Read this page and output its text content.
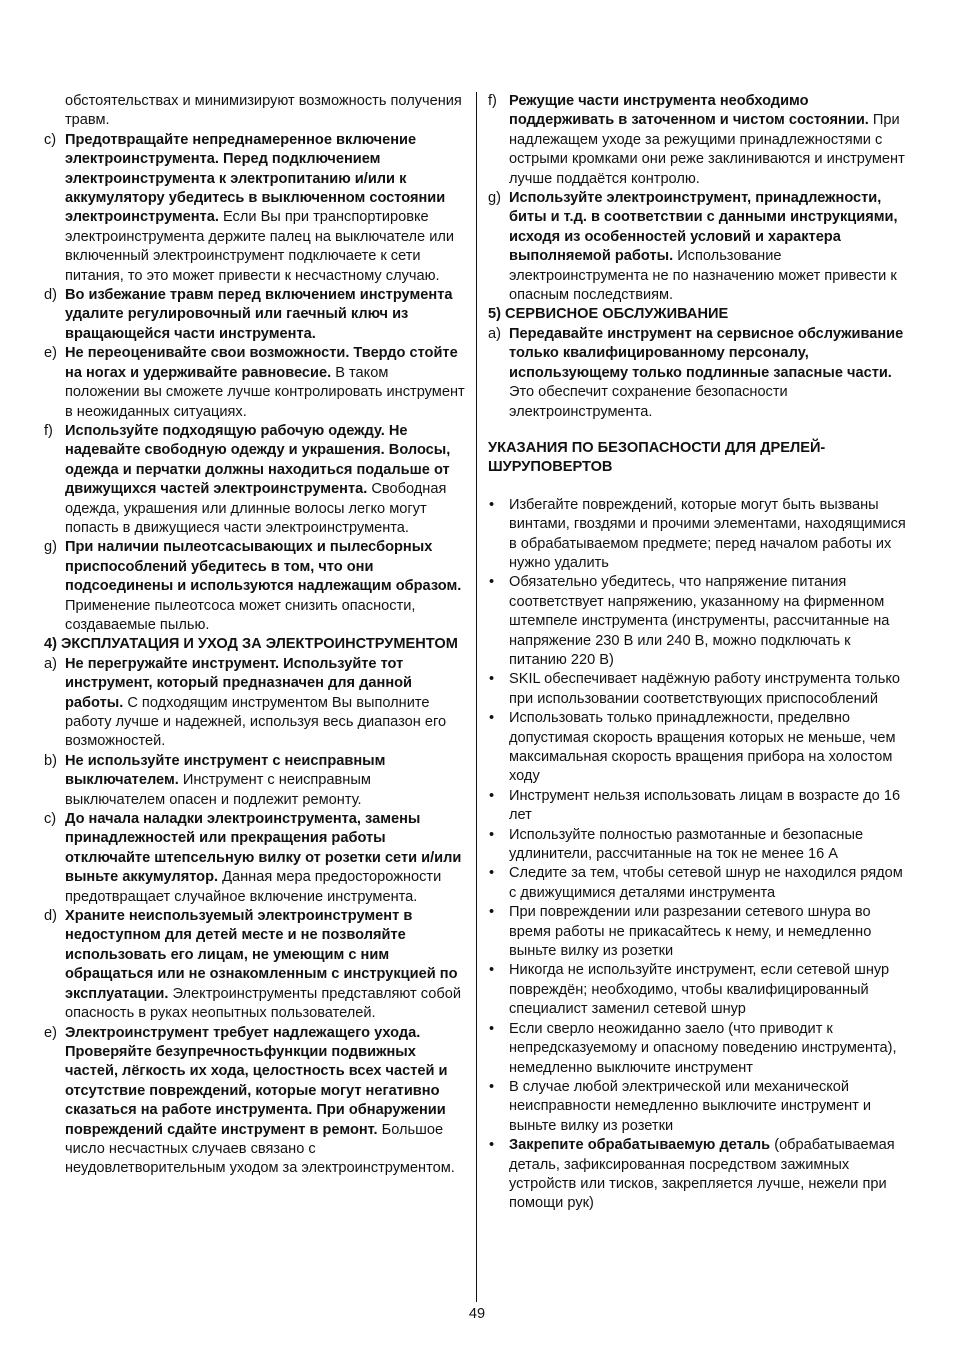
обстоятельствах и минимизируют возможность получения травм.
c) Предотвращайте непреднамеренное включение электроинструмента. Перед подключением электроинструмента к электропитанию и/или к аккумулятору убедитесь в выключенном состоянии электроинструмента. Если Вы при транспортировке электроинструмента держите палец на выключателе или включенный электроинструмент подключаете к сети питания, то это может привести к несчастному случаю.
d) Во избежание травм перед включением инструмента удалите регулировочный или гаечный ключ из вращающейся части инструмента.
e) Не переоценивайте свои возможности. Твердо стойте на ногах и удерживайте равновесие. В таком положении вы сможете лучше контролировать инструмент в неожиданных ситуациях.
f) Используйте подходящую рабочую одежду. Не надевайте свободную одежду и украшения. Волосы, одежда и перчатки должны находиться подальше от движущихся частей электроинструмента. Свободная одежда, украшения или длинные волосы легко могут попасть в движущиеся части электроинструмента.
g) При наличии пылеотсасывающих и пылесборных приспособлений убедитесь в том, что они подсоединены и используются надлежащим образом. Применение пылеотсоса может снизить опасности, создаваемые пылью.
4) ЭКСПЛУАТАЦИЯ И УХОД ЗА ЭЛЕКТРОИНСТРУМЕНТОМ
a) Не перегружайте инструмент. Используйте тот инструмент, который предназначен для данной работы. С подходящим инструментом Вы выполните работу лучше и надежней, используя весь диапазон его возможностей.
b) Не используйте инструмент с неисправным выключателем. Инструмент с неисправным выключателем опасен и подлежит ремонту.
c) До начала наладки электроинструмента, замены принадлежностей или прекращения работы отключайте штепсельную вилку от розетки сети и/или выньте аккумулятор. Данная мера предосторожности предотвращает случайное включение инструмента.
d) Храните неиспользуемый электроинструмент в недоступном для детей месте и не позволяйте использовать его лицам, не умеющим с ним обращаться или не ознакомленным с инструкцией по эксплуатации. Электроинструменты представляют собой опасность в руках неопытных пользователей.
e) Электроинструмент требует надлежащего ухода. Проверяйте безупречностьфункции подвижных частей, лёгкость их хода, целостность всех частей и отсутствие повреждений, которые могут негативно сказаться на работе инструмента. При обнаружении повреждений сдайте инструмент в ремонт. Большое число несчастных случаев связано с неудовлетворительным уходом за электроинструментом.
f) Режущие части инструмента необходимо поддерживать в заточенном и чистом состоянии. При надлежащем уходе за режущими принадлежностями с острыми кромками они реже заклиниваются и инструмент лучше поддаётся контролю.
g) Используйте электроинструмент, принадлежности, биты и т.д. в соответствии с данными инструкциями, исходя из особенностей условий и характера выполняемой работы. Использование электроинструмента не по назначению может привести к опасным последствиям.
5) СЕРВИСНОЕ ОБСЛУЖИВАНИЕ
a) Передавайте инструмент на сервисное обслуживание только квалифицированному персоналу, использующему только подлинные запасные части. Это обеспечит сохранение безопасности электроинструмента.
УКАЗАНИЯ ПО БЕЗОПАСНОСТИ ДЛЯ ДРЕЛЕЙ-ШУРУПОВЕРТОВ
• Избегайте повреждений, которые могут быть вызваны винтами, гвоздями и прочими элементами, находящимися в обрабатываемом предмете; перед началом работы их нужно удалить
• Обязательно убедитесь, что напряжение питания соответствует напряжению, указанному на фирменном штемпеле инструмента (инструменты, рассчитанные на напряжение 230 В или 240 В, можно подключать к питанию 220 В)
• SKIL обеспечивает надёжную работу инструмента только при использовании соответствующих приспособлений
• Использовать только принадлежности, пределвно допустимая скорость вращения которых не меньше, чем максимальная скорость вращения прибора на холостом ходу
• Инструмент нельзя использовать лицам в возрасте до 16 лет
• Используйте полностью размотанные и безопасные удлинители, рассчитанные на ток не менее 16 А
• Следите за тем, чтобы сетевой шнур не находился рядом с движущимися деталями инструмента
• При повреждении или разрезании сетевого шнура во время работы не прикасайтесь к нему, и немедленно выньте вилку из розетки
• Никогда не используйте инструмент, если сетевой шнур повреждён; необходимо, чтобы квалифицированный специалист заменил сетевой шнур
• Если сверло неожиданно заело (что приводит к непредсказуемому и опасному поведению инструмента), немедленно выключите инструмент
• В случае любой электрической или механической неисправности немедленно выключите инструмент и выньте вилку из розетки
• Закрепите обрабатываемую деталь (обрабатываемая деталь, зафиксированная посредством зажимных устройств или тисков, закрепляется лучше, нежели при помощи рук)
49
